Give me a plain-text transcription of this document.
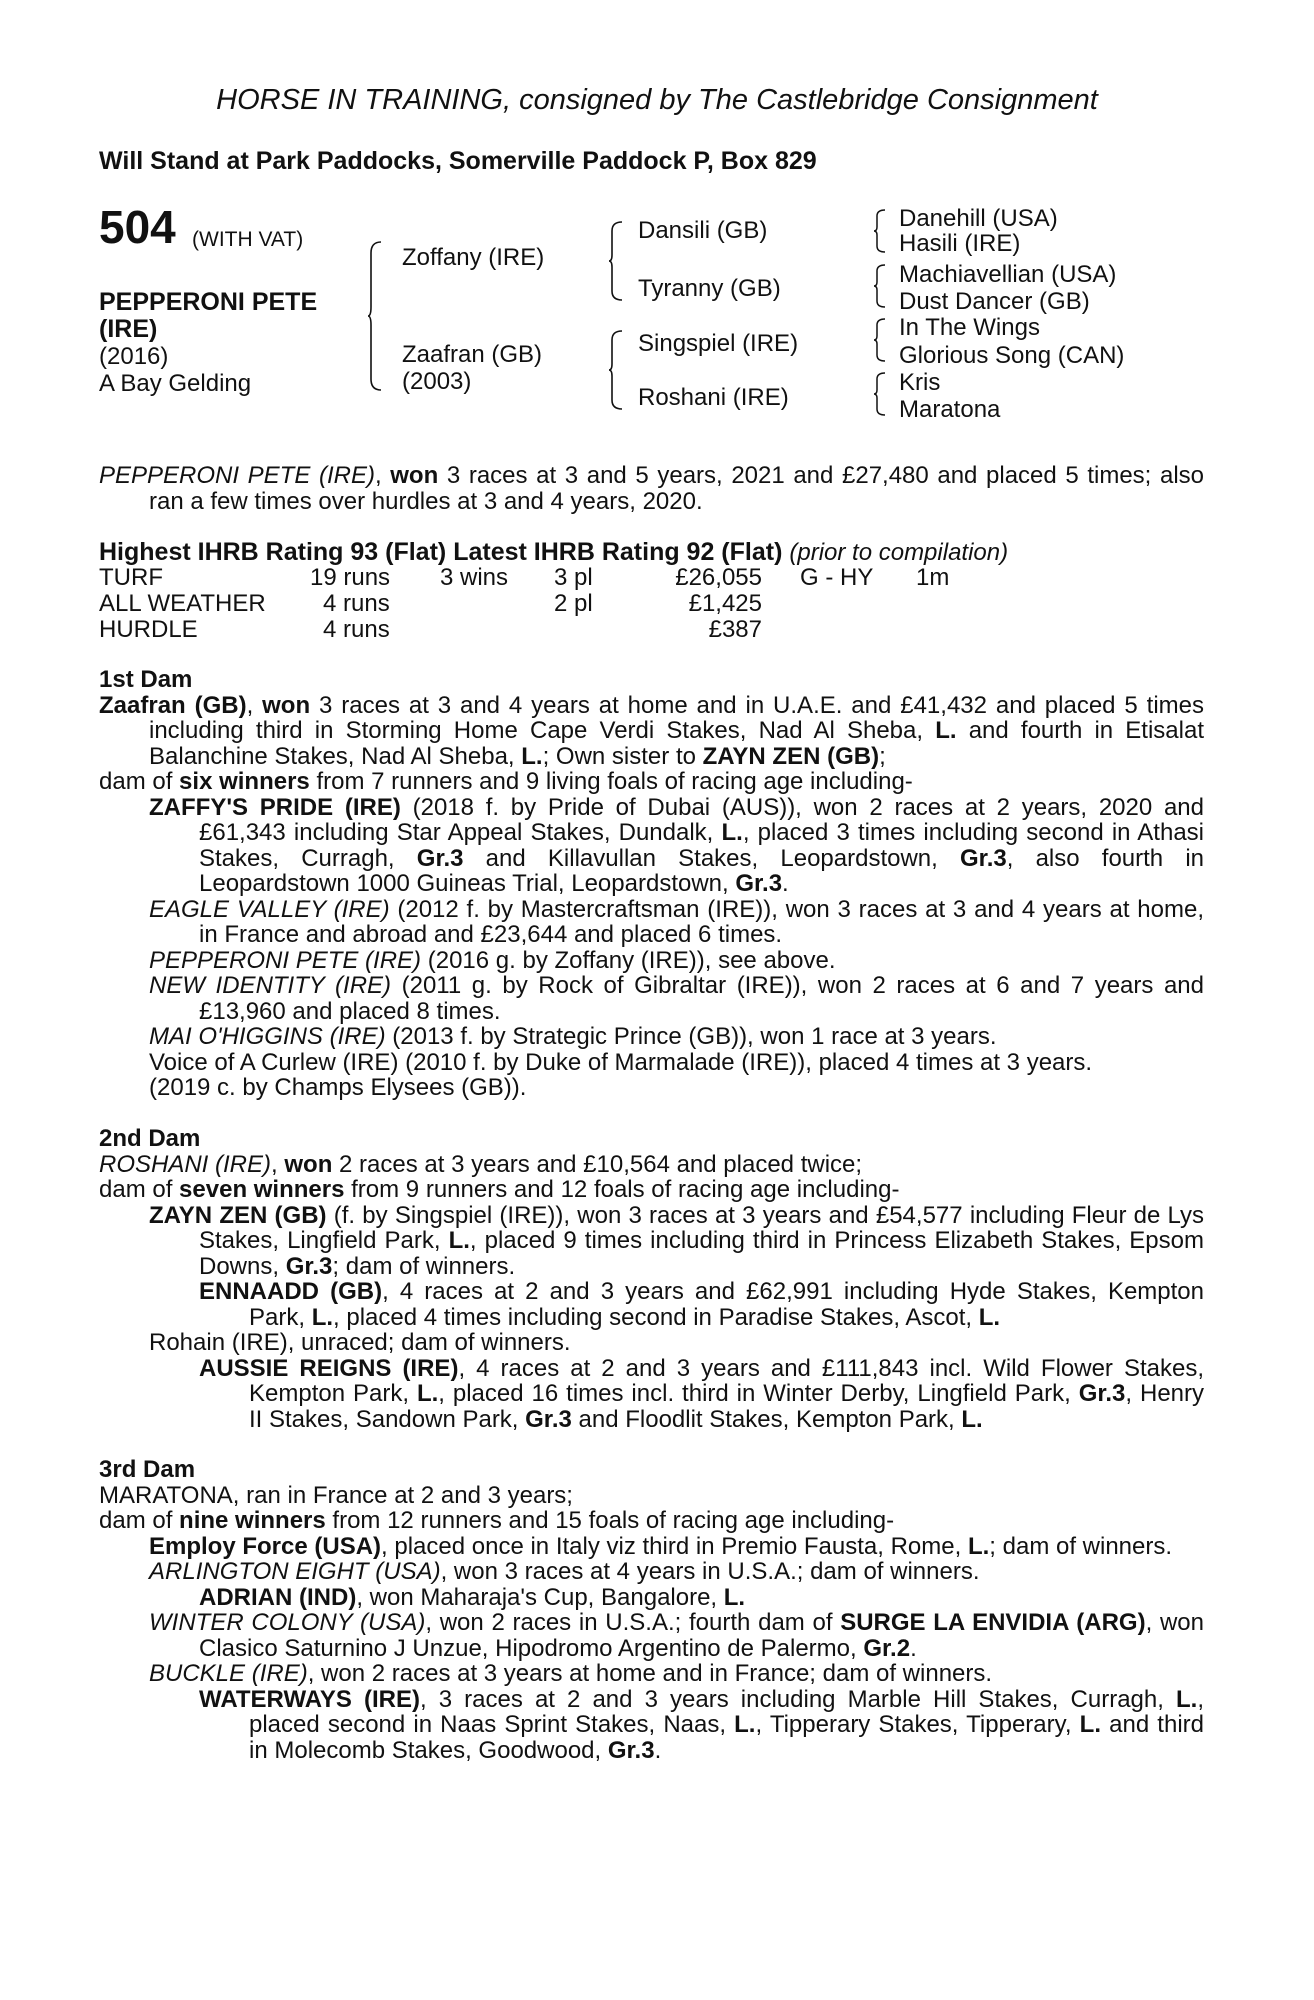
HORSE IN TRAINING, consigned by The Castlebridge Consignment
Will Stand at Park Paddocks, Somerville Paddock P, Box 829
504 (WITH VAT)
PEPPERONI PETE (IRE)
(2016)
A Bay Gelding
Zoffany (IRE)
Zaafran (GB)
(2003)
Dansili (GB)
Tyranny (GB)
Singspiel (IRE)
Roshani (IRE)
Danehill (USA)
Hasili (IRE)
Machiavellian (USA)
Dust Dancer (GB)
In The Wings
Glorious Song (CAN)
Kris
Maratona

PEPPERONI PETE (IRE), won 3 races at 3 and 5 years, 2021 and £27,480 and placed 5 times; also ran a few times over hurdles at 3 and 4 years, 2020.

Highest IHRB Rating 93 (Flat) Latest IHRB Rating 92 (Flat) (prior to compilation)
TURF	19 runs 3 wins 3 pl	£26,055 G - HY 1m
ALL WEATHER 4 runs	2 pl	£1,425
HURDLE	4 runs	£387
1st Dam

Zaafran (GB), won 3 races at 3 and 4 years at home and in U.A.E. and £41,432 and placed 5 times including third in Storming Home Cape Verdi Stakes, Nad Al Sheba, L. and fourth in Etisalat Balanchine Stakes, Nad Al Sheba, L.; Own sister to ZAYN ZEN (GB);

dam of six winners from 7 runners and 9 living foals of racing age including-

ZAFFY'S PRIDE (IRE) (2018 f. by Pride of Dubai (AUS)), won 2 races at 2 years, 2020 and £61,343 including Star Appeal Stakes, Dundalk, L., placed 3 times including second in Athasi Stakes, Curragh, Gr.3 and Killavullan Stakes, Leopardstown, Gr.3, also fourth in Leopardstown 1000 Guineas Trial, Leopardstown, Gr.3.

EAGLE VALLEY (IRE) (2012 f. by Mastercraftsman (IRE)), won 3 races at 3 and 4 years at home, in France and abroad and £23,644 and placed 6 times.

PEPPERONI PETE (IRE) (2016 g. by Zoffany (IRE)), see above.

NEW IDENTITY (IRE) (2011 g. by Rock of Gibraltar (IRE)), won 2 races at 6 and 7 years and £13,960 and placed 8 times.

MAI O'HIGGINS (IRE) (2013 f. by Strategic Prince (GB)), won 1 race at 3 years.

Voice of A Curlew (IRE) (2010 f. by Duke of Marmalade (IRE)), placed 4 times at 3 years.

(2019 c. by Champs Elysees (GB)).

2nd Dam

ROSHANI (IRE), won 2 races at 3 years and £10,564 and placed twice;

dam of seven winners from 9 runners and 12 foals of racing age including-

ZAYN ZEN (GB) (f. by Singspiel (IRE)), won 3 races at 3 years and £54,577 including Fleur de Lys Stakes, Lingfield Park, L., placed 9 times including third in Princess Elizabeth Stakes, Epsom Downs, Gr.3; dam of winners.

ENNAADD (GB), 4 races at 2 and 3 years and £62,991 including Hyde Stakes, Kempton Park, L., placed 4 times including second in Paradise Stakes, Ascot, L.

Rohain (IRE), unraced; dam of winners.

AUSSIE REIGNS (IRE), 4 races at 2 and 3 years and £111,843 incl. Wild Flower Stakes, Kempton Park, L., placed 16 times incl. third in Winter Derby, Lingfield Park, Gr.3, Henry II Stakes, Sandown Park, Gr.3 and Floodlit Stakes, Kempton Park, L.

3rd Dam

MARATONA, ran in France at 2 and 3 years;

dam of nine winners from 12 runners and 15 foals of racing age including-

Employ Force (USA), placed once in Italy viz third in Premio Fausta, Rome, L.; dam of winners.

ARLINGTON EIGHT (USA), won 3 races at 4 years in U.S.A.; dam of winners.

ADRIAN (IND), won Maharaja's Cup, Bangalore, L.

WINTER COLONY (USA), won 2 races in U.S.A.; fourth dam of SURGE LA ENVIDIA (ARG), won Clasico Saturnino J Unzue, Hipodromo Argentino de Palermo, Gr.2.

BUCKLE (IRE), won 2 races at 3 years at home and in France; dam of winners.

WATERWAYS (IRE), 3 races at 2 and 3 years including Marble Hill Stakes, Curragh, L., placed second in Naas Sprint Stakes, Naas, L., Tipperary Stakes, Tipperary, L. and third in Molecomb Stakes, Goodwood, Gr.3.
